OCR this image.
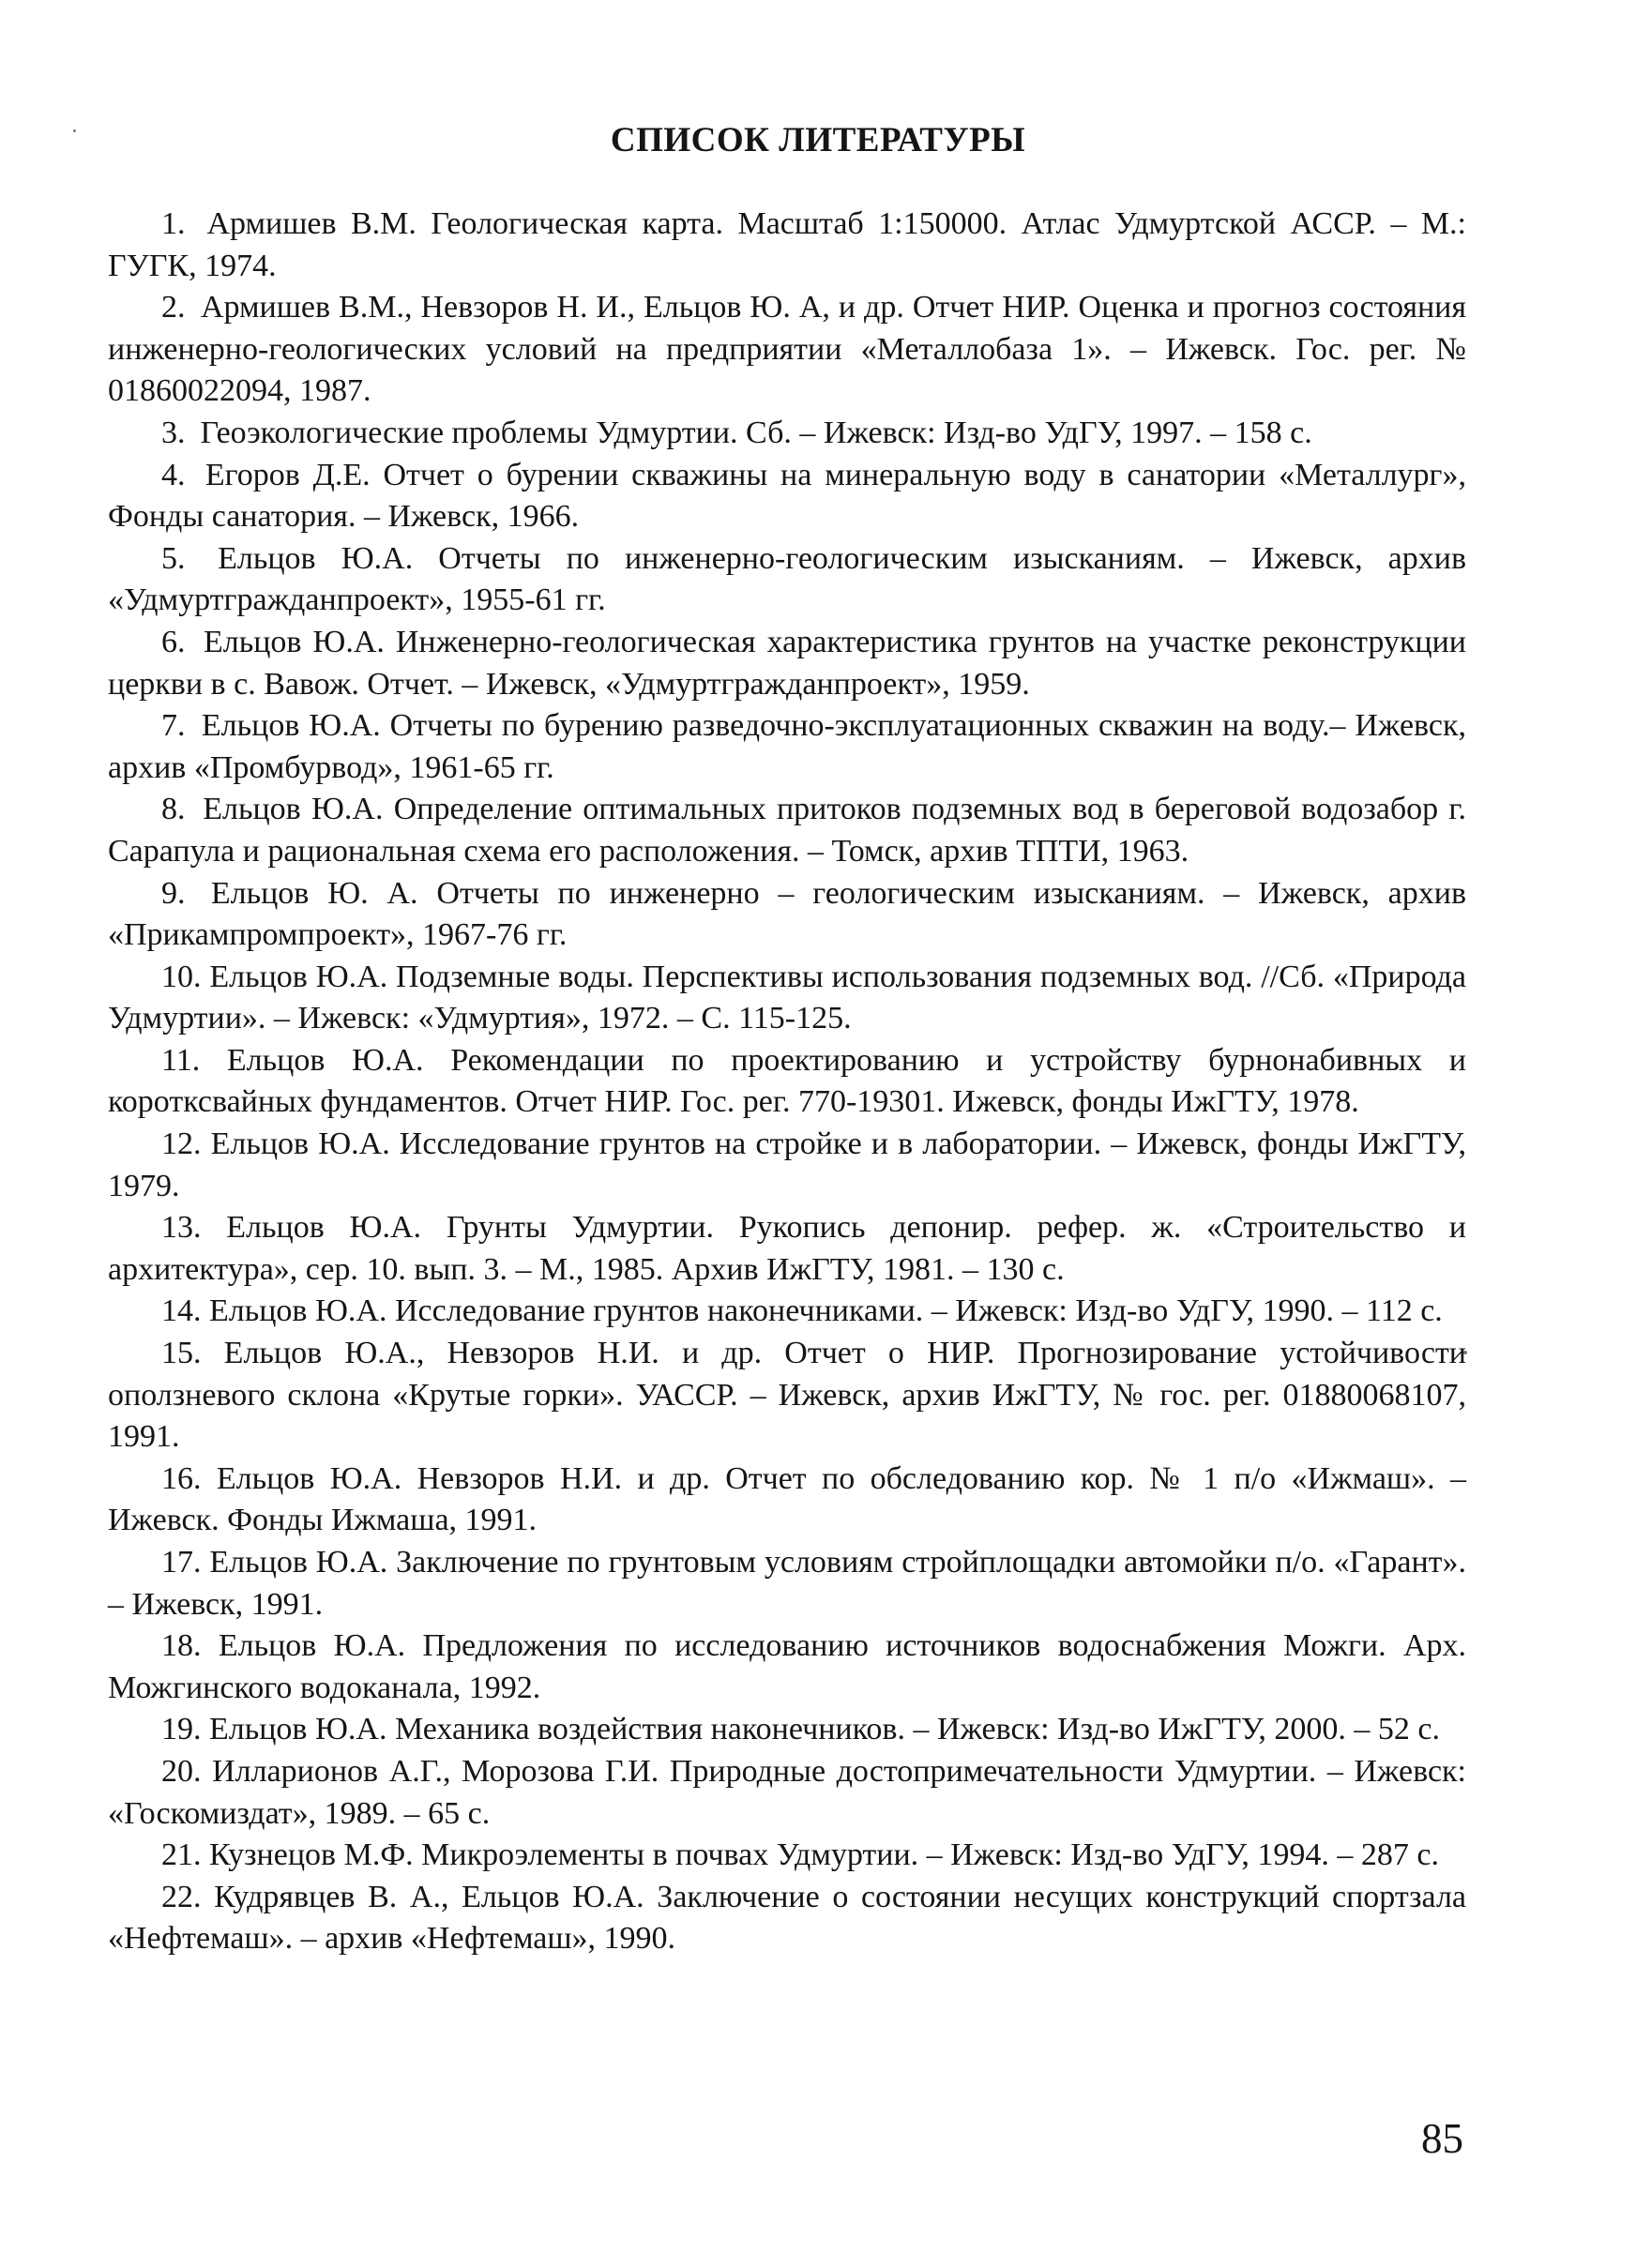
СПИСОК ЛИТЕРАТУРЫ
1. Армишев В.М. Геологическая карта. Масштаб 1:150000. Атлас Удмуртской АССР. – М.: ГУГК, 1974.
2. Армишев В.М., Невзоров Н. И., Ельцов Ю. А, и др. Отчет НИР. Оценка и прогноз состояния инженерно-геологических условий на предприятии «Металлобаза 1». – Ижевск. Гос. рег. № 01860022094, 1987.
3. Геоэкологические проблемы Удмуртии. Сб. – Ижевск: Изд-во УдГУ, 1997. – 158 с.
4. Егоров Д.Е. Отчет о бурении скважины на минеральную воду в санатории «Металлург», Фонды санатория. – Ижевск, 1966.
5. Ельцов Ю.А. Отчеты по инженерно-геологическим изысканиям. – Ижевск, архив «Удмуртгражданпроект», 1955-61 гг.
6. Ельцов Ю.А. Инженерно-геологическая характеристика грунтов на участке реконструкции церкви в с. Вавож. Отчет. – Ижевск, «Удмуртгражданпроект», 1959.
7. Ельцов Ю.А. Отчеты по бурению разведочно-эксплуатационных скважин на воду.– Ижевск, архив «Промбурвод», 1961-65 гг.
8. Ельцов Ю.А. Определение оптимальных притоков подземных вод в береговой водозабор г. Сарапула и рациональная схема его расположения. – Томск, архив ТПТИ, 1963.
9. Ельцов Ю. А. Отчеты по инженерно – геологическим изысканиям. – Ижевск, архив «Прикампромпроект», 1967-76 гг.
10. Ельцов Ю.А. Подземные воды. Перспективы использования подземных вод. //Сб. «Природа Удмуртии». – Ижевск: «Удмуртия», 1972. – С. 115-125.
11. Ельцов Ю.А. Рекомендации по проектированию и устройству бурнонабивных и коротксвайных фундаментов. Отчет НИР. Гос. рег. 770-19301. Ижевск, фонды ИжГТУ, 1978.
12. Ельцов Ю.А. Исследование грунтов на стройке и в лаборатории. – Ижевск, фонды ИжГТУ, 1979.
13. Ельцов Ю.А. Грунты Удмуртии. Рукопись депонир. рефер. ж. «Строительство и архитектура», сер. 10. вып. 3. – М., 1985. Архив ИжГТУ, 1981. – 130 с.
14. Ельцов Ю.А. Исследование грунтов наконечниками. – Ижевск: Изд-во УдГУ, 1990. – 112 с.
15. Ельцов Ю.А., Невзоров Н.И. и др. Отчет о НИР. Прогнозирование устойчивости оползневого склона «Крутые горки». УАССР. – Ижевск, архив ИжГТУ, № гос. рег. 01880068107, 1991.
16. Ельцов Ю.А. Невзоров Н.И. и др. Отчет по обследованию кор. № 1 п/о «Ижмаш». – Ижевск. Фонды Ижмаша, 1991.
17. Ельцов Ю.А. Заключение по грунтовым условиям стройплощадки автомойки п/о. «Гарант». – Ижевск, 1991.
18. Ельцов Ю.А. Предложения по исследованию источников водоснабжения Можги. Арх. Можгинского водоканала, 1992.
19. Ельцов Ю.А. Механика воздействия наконечников. – Ижевск: Изд-во ИжГТУ, 2000. – 52 с.
20. Илларионов А.Г., Морозова Г.И. Природные достопримечательности Удмуртии. – Ижевск: «Госкомиздат», 1989. – 65 с.
21. Кузнецов М.Ф. Микроэлементы в почвах Удмуртии. – Ижевск: Изд-во УдГУ, 1994. – 287 с.
22. Кудрявцев В. А., Ельцов Ю.А. Заключение о состоянии несущих конструкций спортзала «Нефтемаш». – архив «Нефтемаш», 1990.
85
